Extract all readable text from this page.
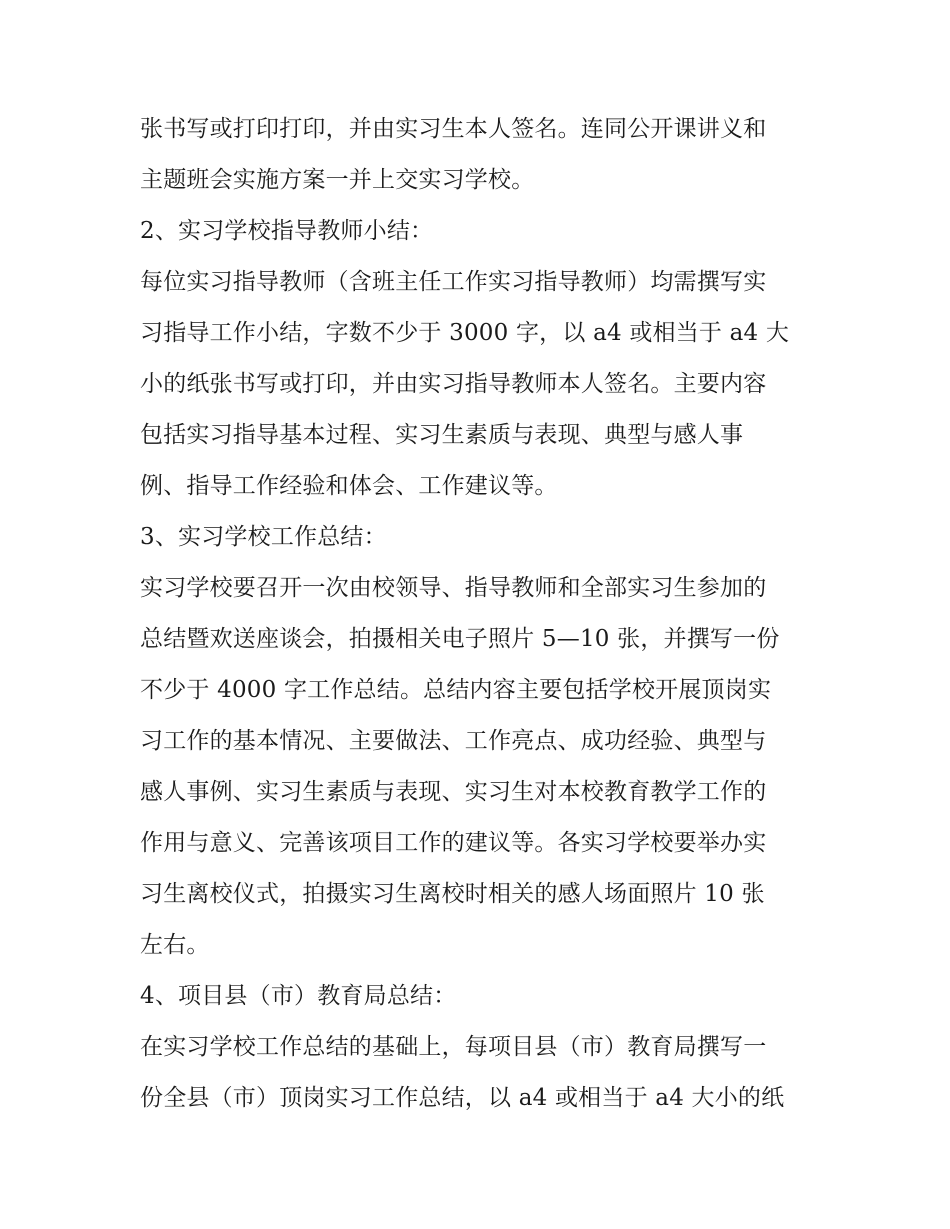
张书写或打印打印，并由实习生本人签名。连同公开课讲义和
主题班会实施方案一并上交实习学校。
2、实习学校指导教师小结：
每位实习指导教师（含班主任工作实习指导教师）均需撰写实
习指导工作小结，字数不少于 3000 字，以 a4 或相当于 a4 大
小的纸张书写或打印，并由实习指导教师本人签名。主要内容
包括实习指导基本过程、实习生素质与表现、典型与感人事
例、指导工作经验和体会、工作建议等。
3、实习学校工作总结：
实习学校要召开一次由校领导、指导教师和全部实习生参加的
总结暨欢送座谈会，拍摄相关电子照片 5—10 张，并撰写一份
不少于 4000 字工作总结。总结内容主要包括学校开展顶岗实
习工作的基本情况、主要做法、工作亮点、成功经验、典型与
感人事例、实习生素质与表现、实习生对本校教育教学工作的
作用与意义、完善该项目工作的建议等。各实习学校要举办实
习生离校仪式，拍摄实习生离校时相关的感人场面照片 10 张
左右。
4、项目县（市）教育局总结：
在实习学校工作总结的基础上，每项目县（市）教育局撰写一
份全县（市）顶岗实习工作总结，以 a4 或相当于 a4 大小的纸
